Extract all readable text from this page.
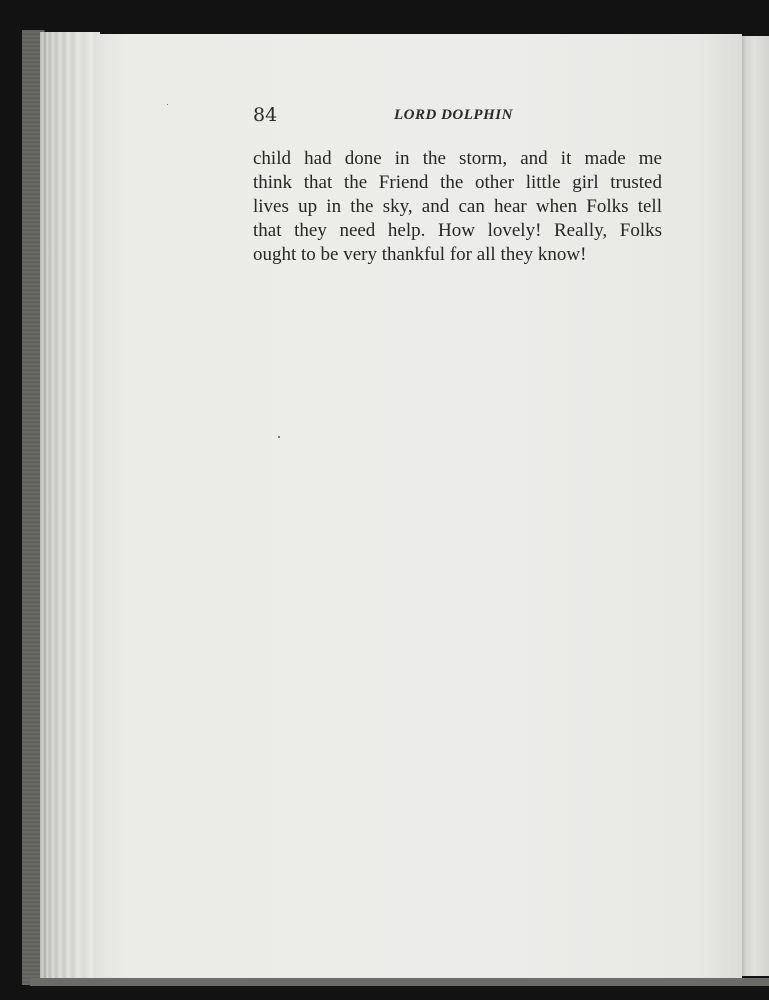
84	LORD DOLPHIN
child had done in the storm, and it made me
think that the Friend the other little girl trusted
lives up in the sky, and can hear when Folks tell
that they need help. How lovely! Really, Folks
ought to be very thankful for all they know!
